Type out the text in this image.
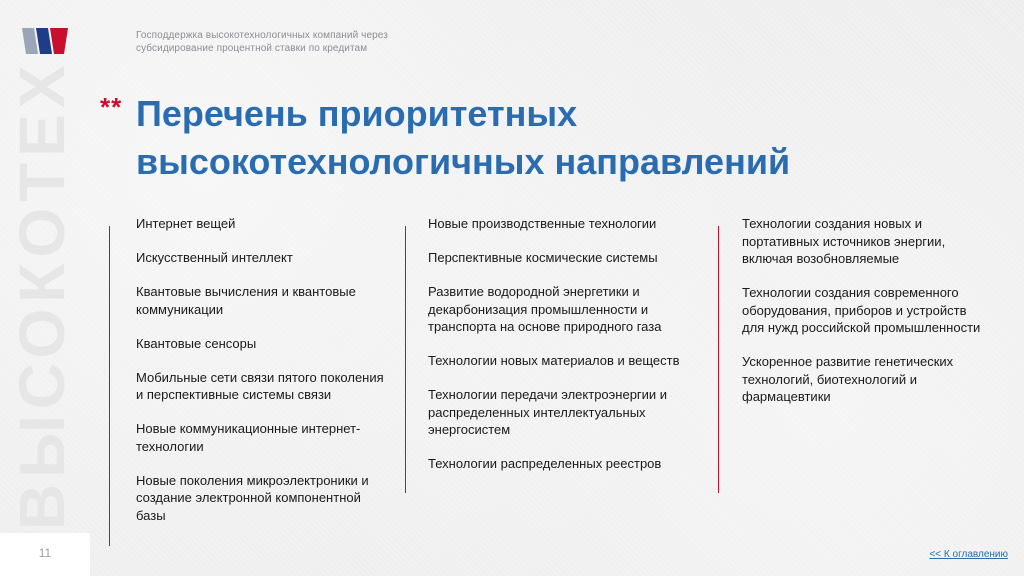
Господдержка высокотехнологичных компаний через субсидирование процентной ставки по кредитам
ВЫСОКОТЕХ ** Перечень приоритетных высокотехнологичных направлений
Интернет вещей
Искусственный интеллект
Квантовые вычисления и квантовые коммуникации
Квантовые сенсоры
Мобильные сети связи пятого поколения и перспективные системы связи
Новые коммуникационные интернет-технологии
Новые поколения микроэлектроники и создание электронной компонентной базы
Новые производственные технологии
Перспективные космические системы
Развитие водородной энергетики и декарбонизация промышленности и транспорта на основе природного газа
Технологии новых материалов и веществ
Технологии передачи электроэнергии и распределенных интеллектуальных энергосистем
Технологии распределенных реестров
Технологии создания новых и портативных источников энергии, включая возобновляемые
Технологии создания современного оборудования, приборов и устройств для нужд российской промышленности
Ускоренное развитие генетических технологий, биотехнологий и фармацевтики
11	<< К оглавлению
